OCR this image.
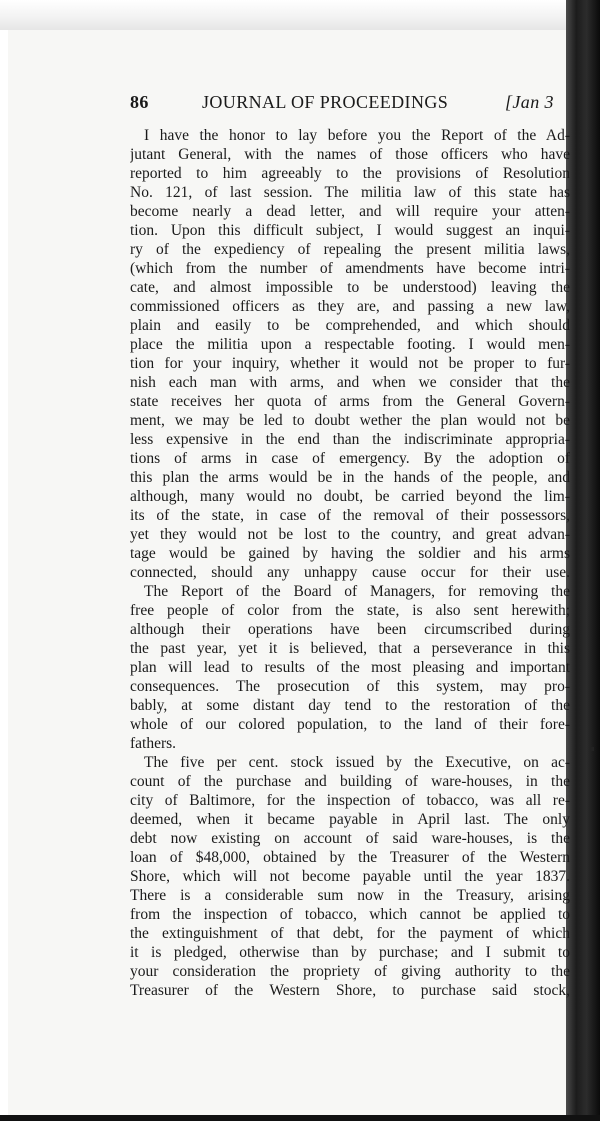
86	JOURNAL OF PROCEEDINGS	[Jan 3
I have the honor to lay before you the Report of the Ad-
jutant General, with the names of those officers who have
reported to him agreeably to the provisions of Resolution
No. 121, of last session. The militia law of this state has
become nearly a dead letter, and will require your atten-
tion. Upon this difficult subject, I would suggest an inqui-
ry of the expediency of repealing the present militia laws,
(which from the number of amendments have become intri-
cate, and almost impossible to be understood) leaving the
commissioned officers as they are, and passing a new law,
plain and easily to be comprehended, and which should
place the militia upon a respectable footing. I would men-
tion for your inquiry, whether it would not be proper to fur-
nish each man with arms, and when we consider that the
state receives her quota of arms from the General Govern-
ment, we may be led to doubt wether the plan would not be
less expensive in the end than the indiscriminate appropria-
tions of arms in case of emergency. By the adoption of
this plan the arms would be in the hands of the people, and
although, many would no doubt, be carried beyond the lim-
its of the state, in case of the removal of their possessors,
yet they would not be lost to the country, and great advan-
tage would be gained by having the soldier and his arms
connected, should any unhappy cause occur for their use.
The Report of the Board of Managers, for removing the
free people of color from the state, is also sent herewith;
although their operations have been circumscribed during
the past year, yet it is believed, that a perseverance in this
plan will lead to results of the most pleasing and important
consequences. The prosecution of this system, may pro-
bably, at some distant day tend to the restoration of the
whole of our colored population, to the land of their fore-
fathers.
The five per cent. stock issued by the Executive, on ac-
count of the purchase and building of ware-houses, in the
city of Baltimore, for the inspection of tobacco, was all re-
deemed, when it became payable in April last. The only
debt now existing on account of said ware-houses, is the
loan of $48,000, obtained by the Treasurer of the Western
Shore, which will not become payable until the year 1837.
There is a considerable sum now in the Treasury, arising
from the inspection of tobacco, which cannot be applied to
the extinguishment of that debt, for the payment of which
it is pledged, otherwise than by purchase; and I submit to
your consideration the propriety of giving authority to the
Treasurer of the Western Shore, to purchase said stock,
